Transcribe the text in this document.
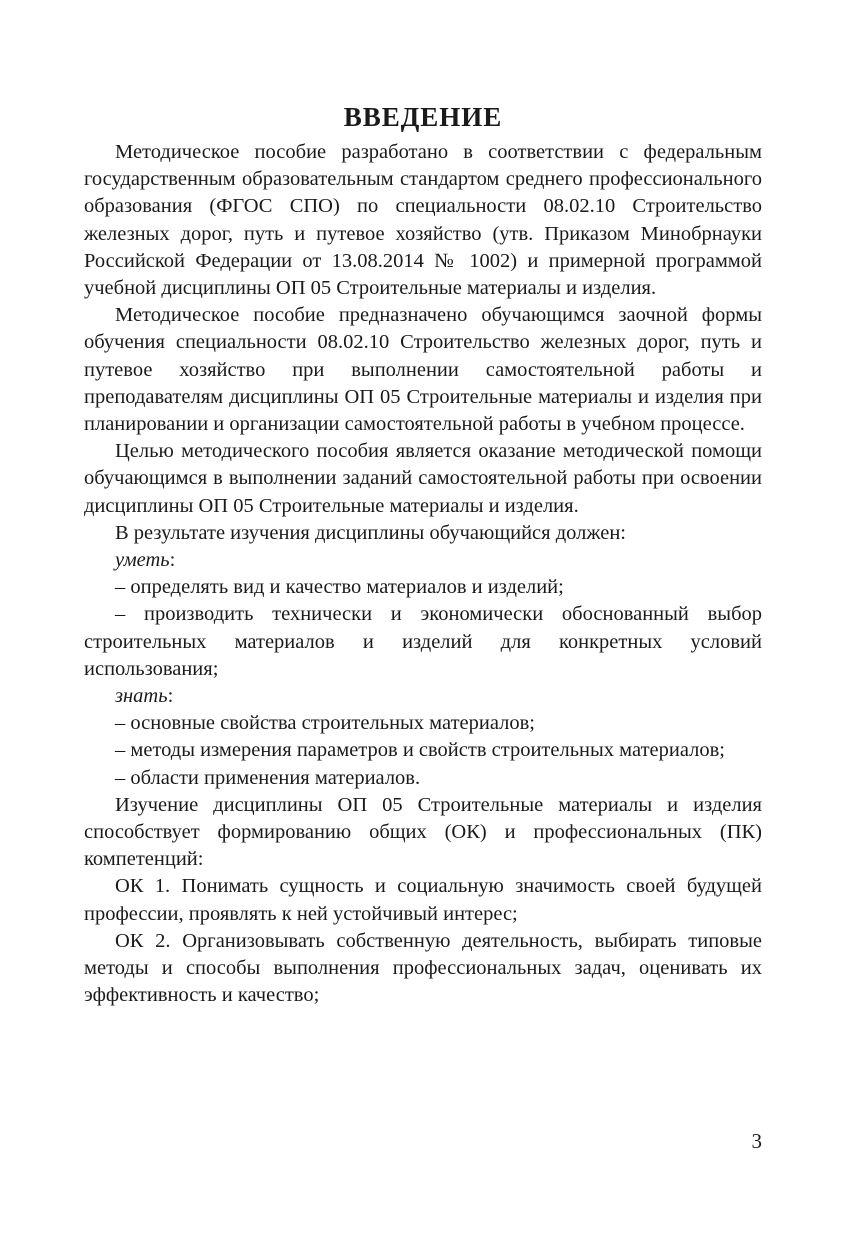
ВВЕДЕНИЕ

Методическое пособие разработано в соответствии с федеральным государственным образовательным стандартом среднего профессионального образования (ФГОС СПО) по специальности 08.02.10 Строительство железных дорог, путь и путевое хозяйство (утв. Приказом Минобрнауки Российской Федерации от 13.08.2014 № 1002) и примерной программой учебной дисциплины ОП 05 Строительные материалы и изделия.

Методическое пособие предназначено обучающимся заочной формы обучения специальности 08.02.10 Строительство железных дорог, путь и путевое хозяйство при выполнении самостоятельной работы и преподавателям дисциплины ОП 05 Строительные материалы и изделия при планировании и организации самостоятельной работы в учебном процессе.

Целью методического пособия является оказание методической помощи обучающимся в выполнении заданий самостоятельной работы при освоении дисциплины ОП 05 Строительные материалы и изделия.

В результате изучения дисциплины обучающийся должен:

уметь:

– определять вид и качество материалов и изделий;

– производить технически и экономически обоснованный выбор строительных материалов и изделий для конкретных условий использования;

знать:

– основные свойства строительных материалов;

– методы измерения параметров и свойств строительных материалов;

– области применения материалов.

Изучение дисциплины ОП 05 Строительные материалы и изделия способствует формированию общих (ОК) и профессиональных (ПК) компетенций:

ОК 1. Понимать сущность и социальную значимость своей будущей профессии, проявлять к ней устойчивый интерес;

ОК 2. Организовывать собственную деятельность, выбирать типовые методы и способы выполнения профессиональных задач, оценивать их эффективность и качество;

3
